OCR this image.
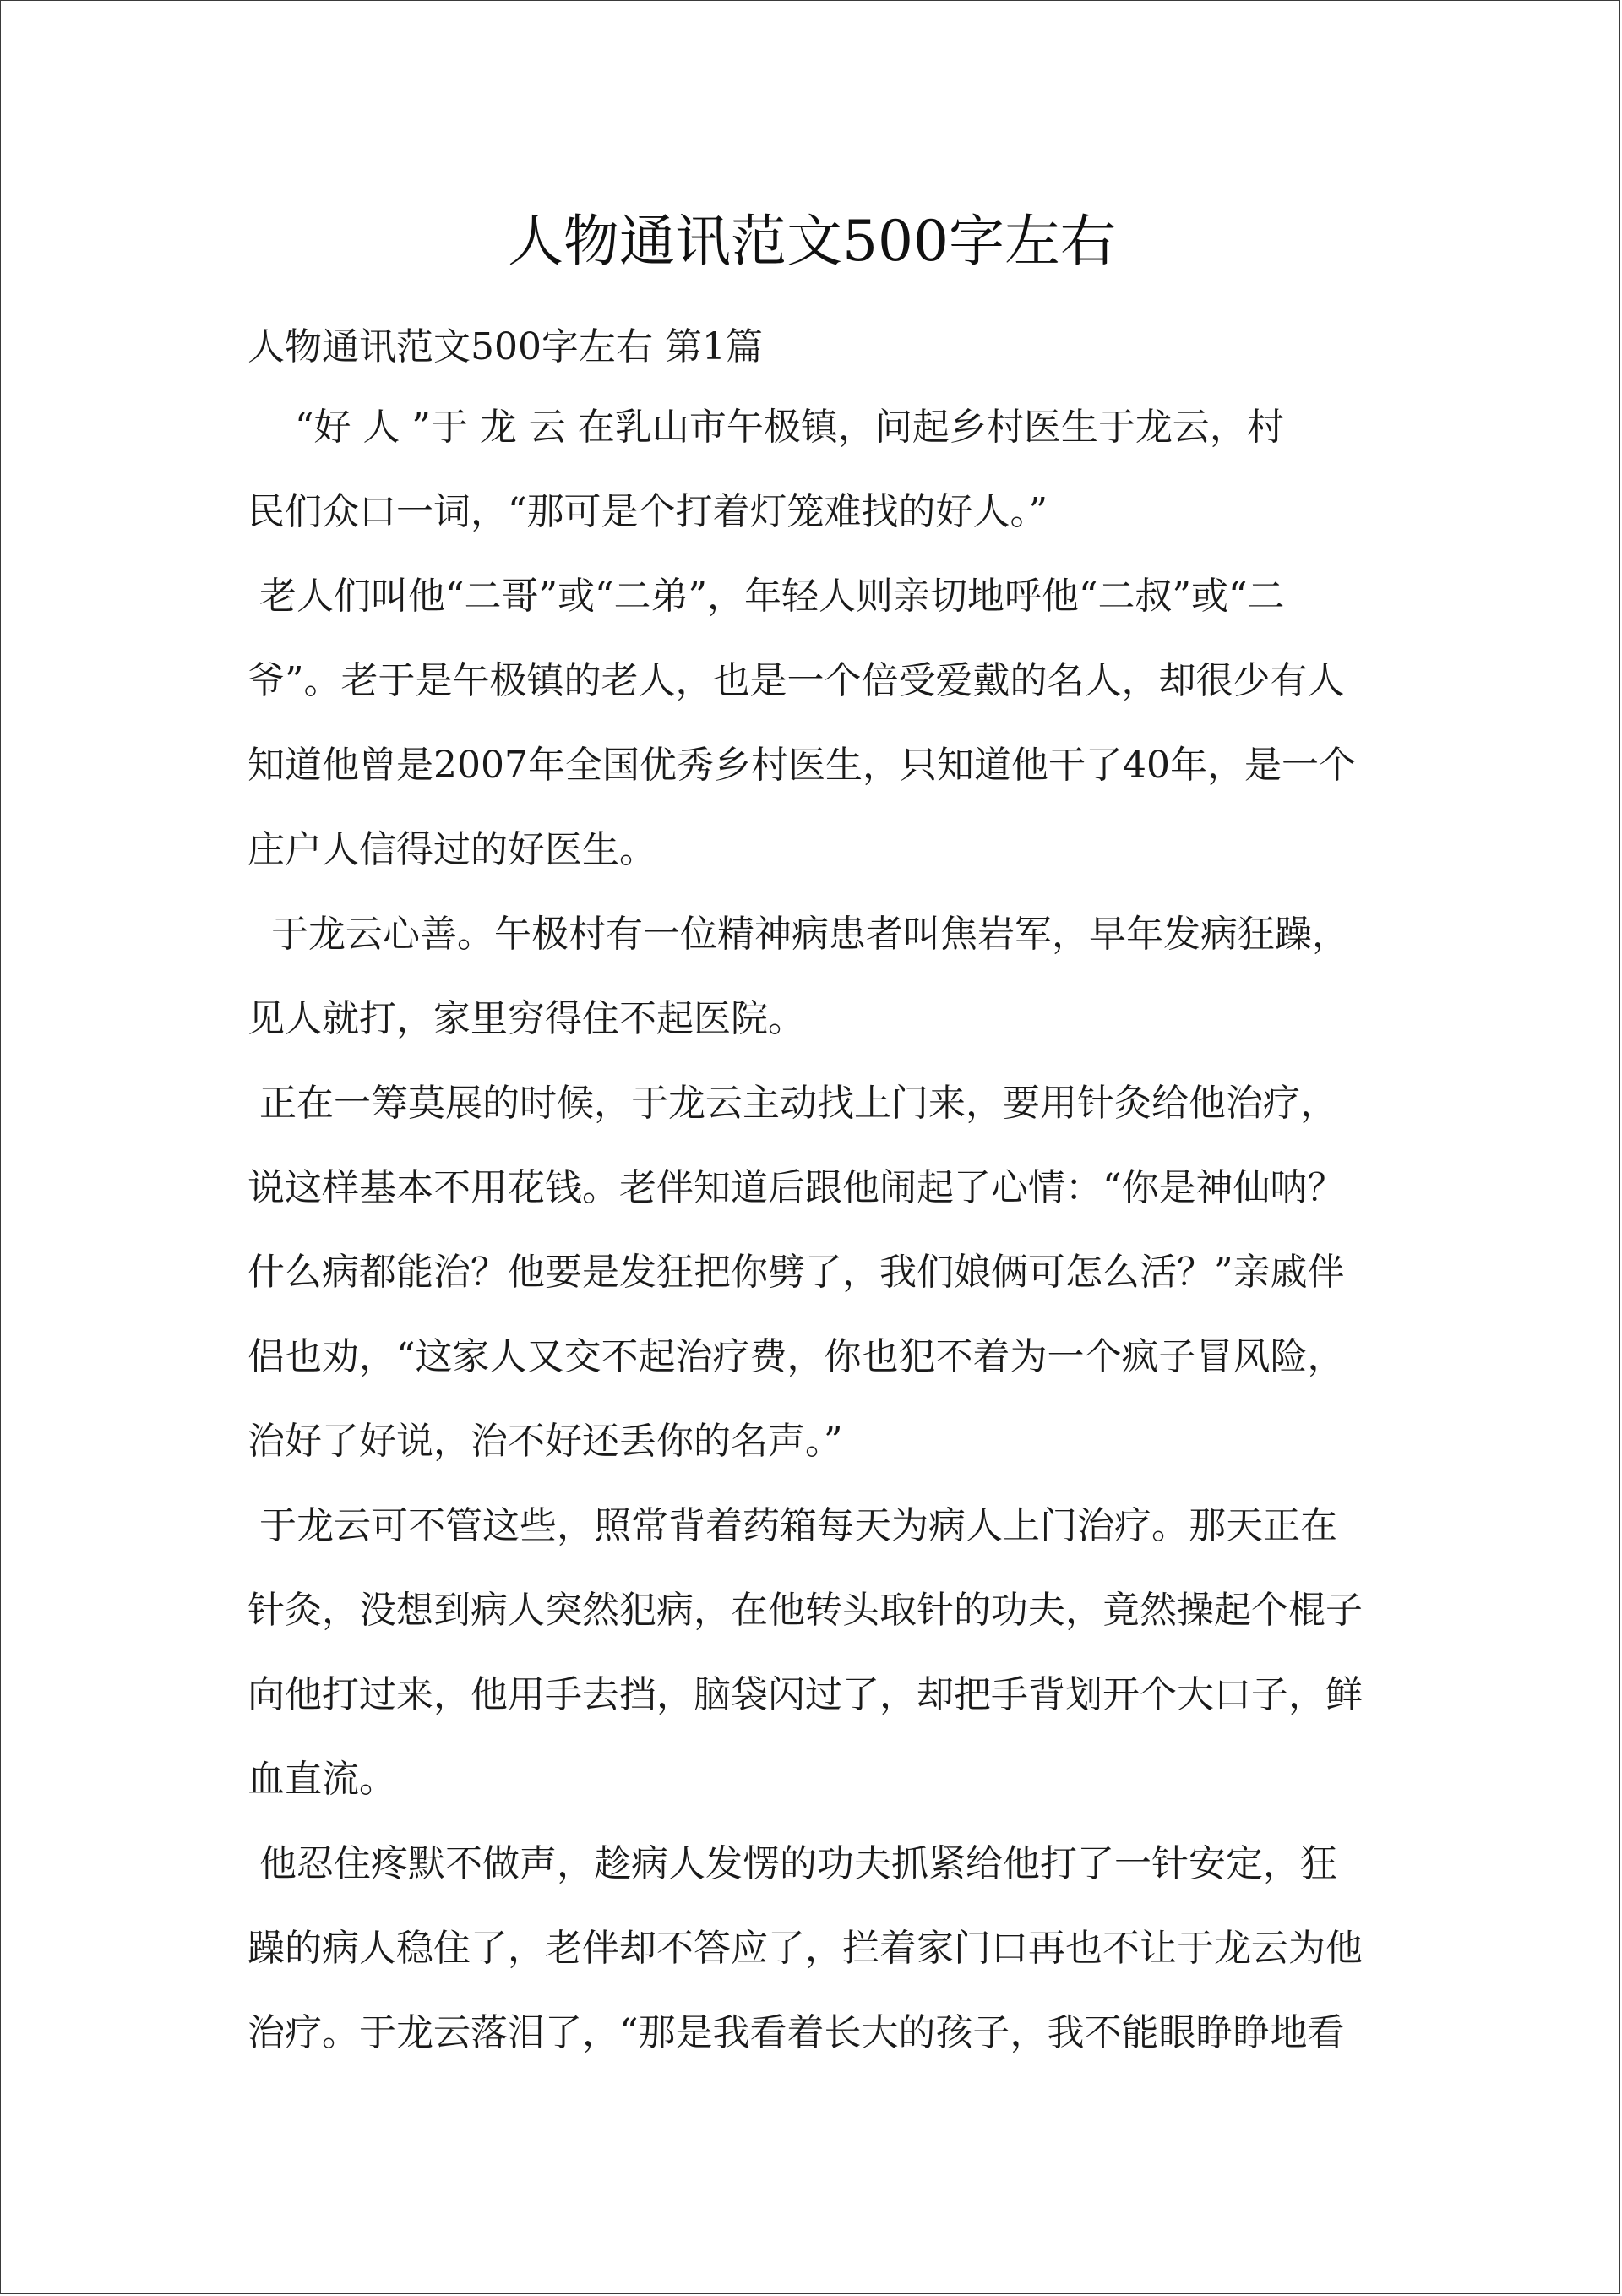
人物通讯范文500字左右
人物通讯范文500字左右 第1篇
“好 人 ”于 龙 云 在乳山市午极镇，问起乡村医生于龙云，村
民们众口一词，“那可是个打着灯笼难找的好人。”
老人们叫他“二哥”或“二弟”，年轻人则亲切地呼他“二叔”或“二
爷”。老于是午极镇的老人，也是一个倍受爱戴的名人，却很少有人
知道他曾是2007年全国优秀乡村医生，只知道他干了40年，是一个
庄户人信得过的好医生。
于龙云心善。午极村有一位精神病患者叫焦岩军，早年发病狂躁，
见人就打，家里穷得住不起医院。
正在一筹莫展的时候，于龙云主动找上门来，要用针灸给他治疗，
说这样基本不用花钱。老伴知道后跟他闹起了心情：“你是神仙呐？
什么病都能治？他要是发狂把你劈了，我们娘俩可怎么活？”亲戚伴
侣也劝，“这家人又交不起治疗费，你也犯不着为一个疯子冒风险，
治好了好说，治不好还丢你的名声。”
于龙云可不管这些，照常背着药箱每天为病人上门治疗。那天正在
针灸，没想到病人突然犯病，在他转头取针的功夫，竟然操起个棍子
向他打过来，他用手去挡，脑袋闪过了，却把手背划开个大口子，鲜
血直流。
他忍住疼默不做声，趁病人发愣的功夫抓紧给他打了一针安定，狂
躁的病人稳住了，老伴却不答应了，拦着家门口再也不让于龙云为他
治疗。于龙云落泪了，“那是我看着长大的孩子，我不能眼睁睁地看
